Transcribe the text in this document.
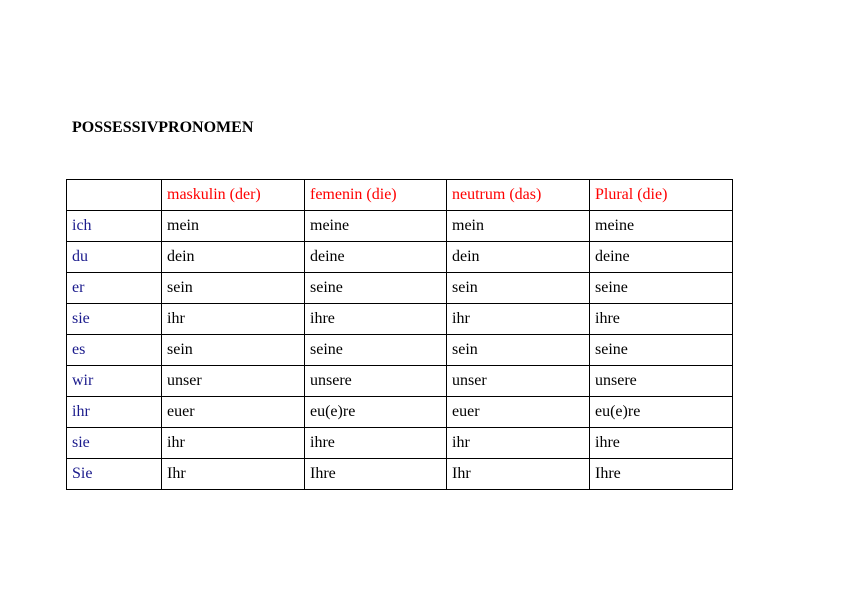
POSSESSIVPRONOMEN
	maskulin (der)	femenin (die)	neutrum (das)	Plural (die)
ich	mein	meine	mein	meine
du	dein	deine	dein	deine
er	sein	seine	sein	seine
sie	ihr	ihre	ihr	ihre
es	sein	seine	sein	seine
wir	unser	unsere	unser	unsere
ihr	euer	eu(e)re	euer	eu(e)re
sie	ihr	ihre	ihr	ihre
Sie	Ihr	Ihre	Ihr	Ihre
